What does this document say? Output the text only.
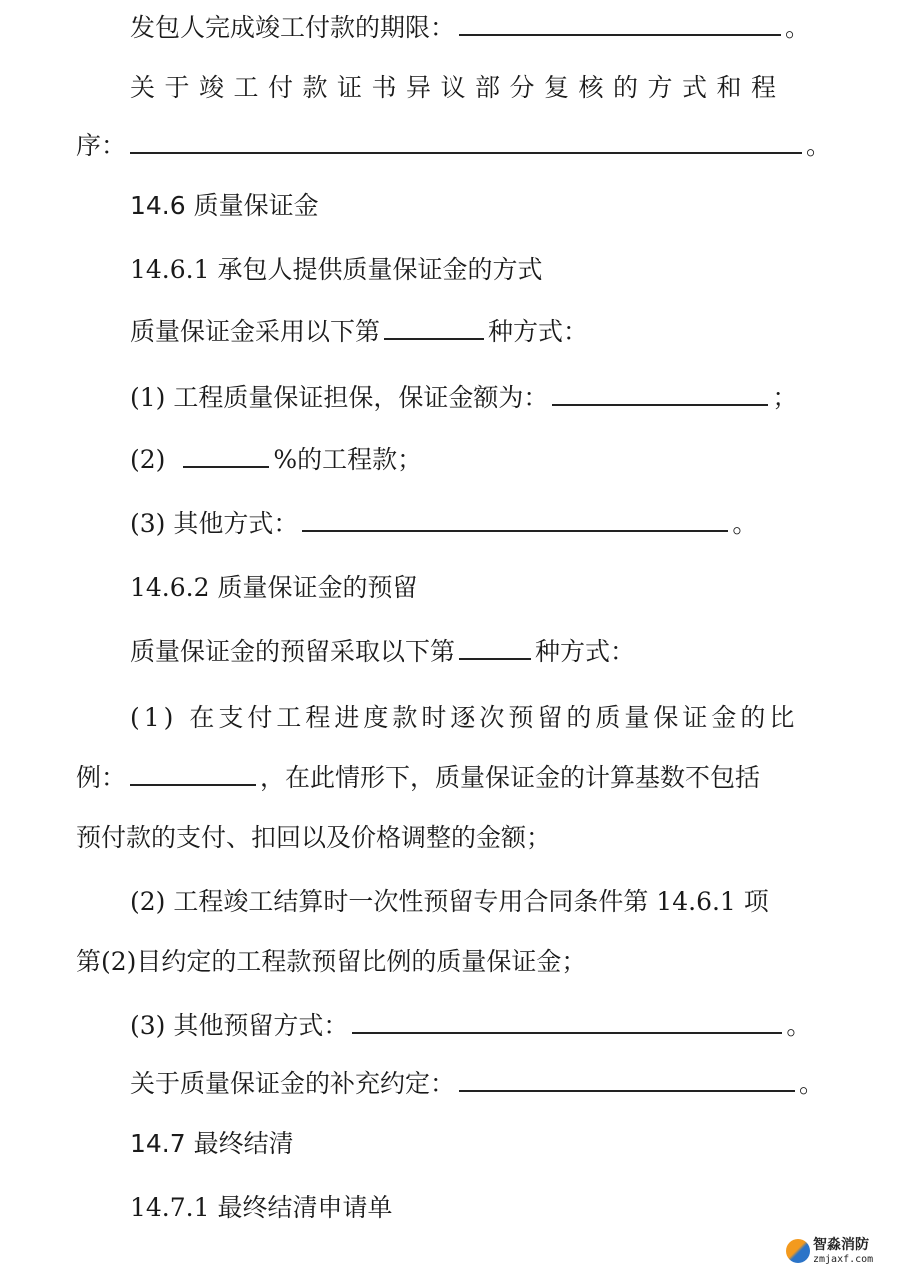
发包人完成竣工付款的期限：	。
关于竣工付款证书异议部分复核的方式和程
序：	。
14.6 质量保证金
14.6.1 承包人提供质量保证金的方式
质量保证金采用以下第	种方式：
(1) 工程质量保证担保，保证金额为：	；
(2)	%的工程款；
(3) 其他方式：	。
14.6.2 质量保证金的预留
质量保证金的预留采取以下第	种方式：
(1) 在支付工程进度款时逐次预留的质量保证金的比
例：	，在此情形下，质量保证金的计算基数不包括
预付款的支付、扣回以及价格调整的金额；
(2) 工程竣工结算时一次性预留专用合同条件第 14.6.1 项
第(2)目约定的工程款预留比例的质量保证金；
(3) 其他预留方式：	。
关于质量保证金的补充约定：	。
14.7 最终结清
14.7.1 最终结清申请单
智淼消防
zmjaxf.com
